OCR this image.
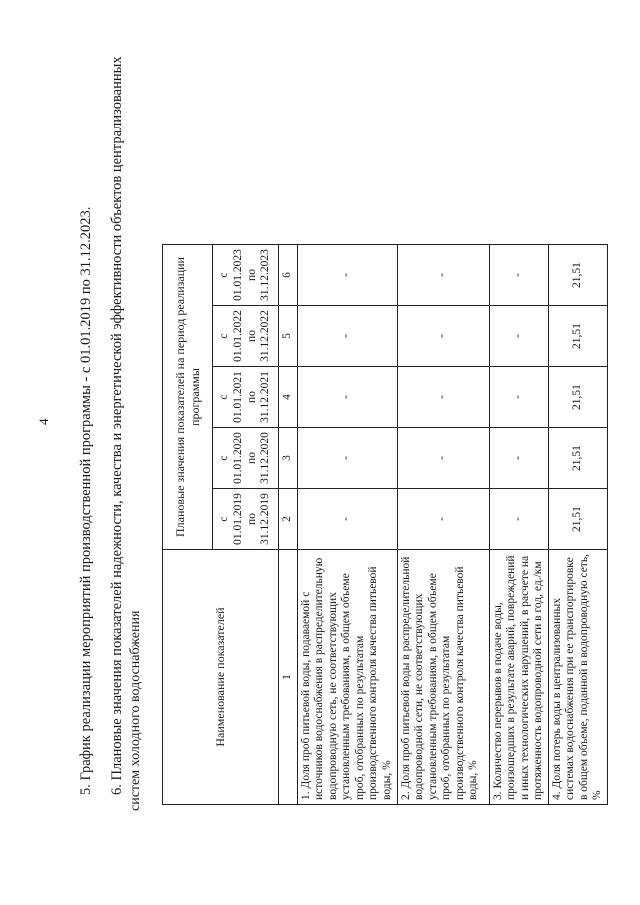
4 5. График реализации мероприятий производственной программы - с 01.01.2019 по 31.12.2023. 6. Плановые значения показателей надежности, качества и энергетической эффективности объектов централизованных систем холодного водоснабжения	Наименование показателей	Плановые значения показателей на период реализации программы				
	с 01.01.2019 по 31.12.2019	с 01.01.2020 по 31.12.2020	с 01.01.2021 по 31.12.2021	с 01.01.2022 по 31.12.2022	с 01.01.2023 по 31.12.2023
1	2	3	4	5	6
1. Доля проб питьевой воды, подаваемой с источников водоснабжения в распределительную водопроводную сеть, не соответствующих установленным требованиям, в общем объеме проб, отобранных по результатам производственного контроля качества питьевой воды, %	-	-	-	-	-
2. Доля проб питьевой воды в распределительной водопроводной сети, не соответствующих установленным требованиям, в общем объеме проб, отобранных по результатам производственного контроля качества питьевой воды, %	-	-	-	-	-
3. Количество перерывов в подаче воды, произошедших в результате аварий, повреждений и иных технологических нарушений, в расчете на протяженность водопроводной сети в год, ед./км	-	-	-	-	-
4. Доля потерь воды в централизованных системах водоснабжения при ее транспортировке в общем объеме, поданной в водопроводную сеть, %	21,51	21,51	21,51	21,51	21,51
